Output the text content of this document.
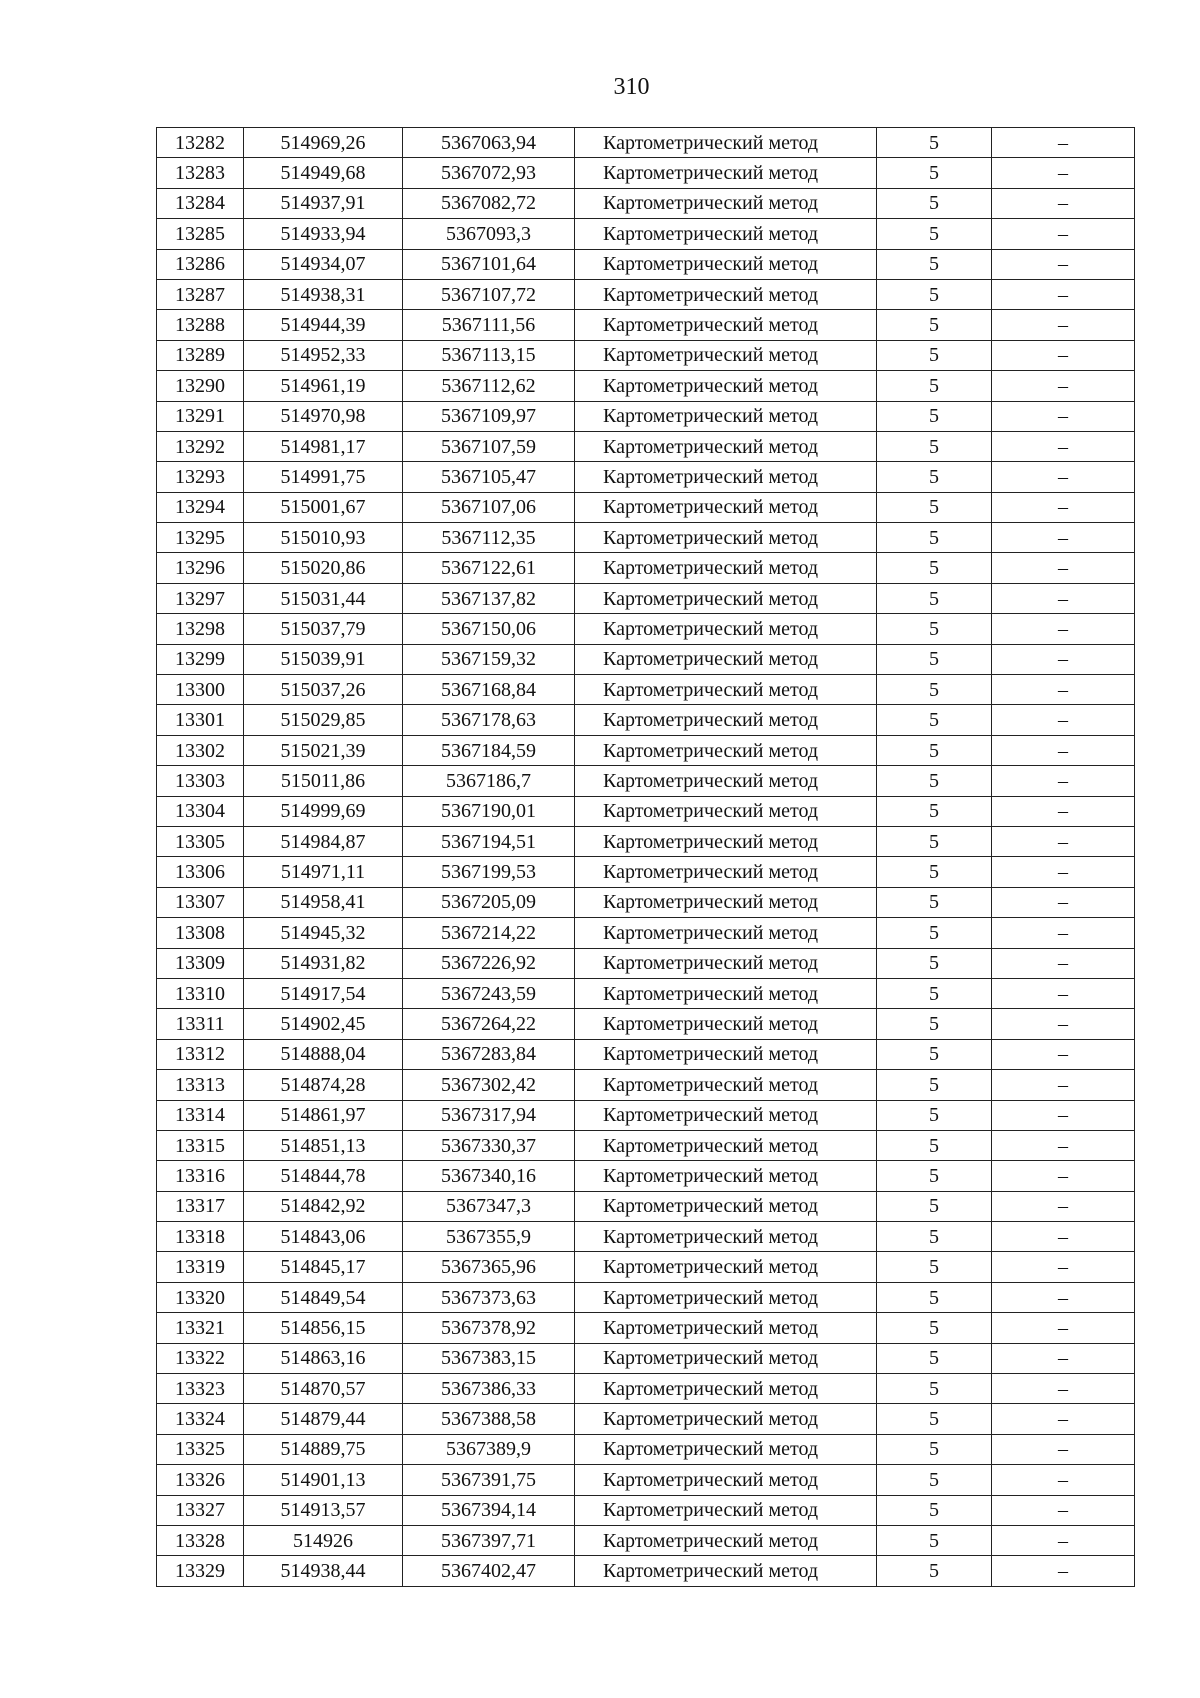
310
13282	514969,26	5367063,94	Картометрический метод	5	–
13283	514949,68	5367072,93	Картометрический метод	5	–
13284	514937,91	5367082,72	Картометрический метод	5	–
13285	514933,94	5367093,3	Картометрический метод	5	–
13286	514934,07	5367101,64	Картометрический метод	5	–
13287	514938,31	5367107,72	Картометрический метод	5	–
13288	514944,39	5367111,56	Картометрический метод	5	–
13289	514952,33	5367113,15	Картометрический метод	5	–
13290	514961,19	5367112,62	Картометрический метод	5	–
13291	514970,98	5367109,97	Картометрический метод	5	–
13292	514981,17	5367107,59	Картометрический метод	5	–
13293	514991,75	5367105,47	Картометрический метод	5	–
13294	515001,67	5367107,06	Картометрический метод	5	–
13295	515010,93	5367112,35	Картометрический метод	5	–
13296	515020,86	5367122,61	Картометрический метод	5	–
13297	515031,44	5367137,82	Картометрический метод	5	–
13298	515037,79	5367150,06	Картометрический метод	5	–
13299	515039,91	5367159,32	Картометрический метод	5	–
13300	515037,26	5367168,84	Картометрический метод	5	–
13301	515029,85	5367178,63	Картометрический метод	5	–
13302	515021,39	5367184,59	Картометрический метод	5	–
13303	515011,86	5367186,7	Картометрический метод	5	–
13304	514999,69	5367190,01	Картометрический метод	5	–
13305	514984,87	5367194,51	Картометрический метод	5	–
13306	514971,11	5367199,53	Картометрический метод	5	–
13307	514958,41	5367205,09	Картометрический метод	5	–
13308	514945,32	5367214,22	Картометрический метод	5	–
13309	514931,82	5367226,92	Картометрический метод	5	–
13310	514917,54	5367243,59	Картометрический метод	5	–
13311	514902,45	5367264,22	Картометрический метод	5	–
13312	514888,04	5367283,84	Картометрический метод	5	–
13313	514874,28	5367302,42	Картометрический метод	5	–
13314	514861,97	5367317,94	Картометрический метод	5	–
13315	514851,13	5367330,37	Картометрический метод	5	–
13316	514844,78	5367340,16	Картометрический метод	5	–
13317	514842,92	5367347,3	Картометрический метод	5	–
13318	514843,06	5367355,9	Картометрический метод	5	–
13319	514845,17	5367365,96	Картометрический метод	5	–
13320	514849,54	5367373,63	Картометрический метод	5	–
13321	514856,15	5367378,92	Картометрический метод	5	–
13322	514863,16	5367383,15	Картометрический метод	5	–
13323	514870,57	5367386,33	Картометрический метод	5	–
13324	514879,44	5367388,58	Картометрический метод	5	–
13325	514889,75	5367389,9	Картометрический метод	5	–
13326	514901,13	5367391,75	Картометрический метод	5	–
13327	514913,57	5367394,14	Картометрический метод	5	–
13328	514926	5367397,71	Картометрический метод	5	–
13329	514938,44	5367402,47	Картометрический метод	5	–
